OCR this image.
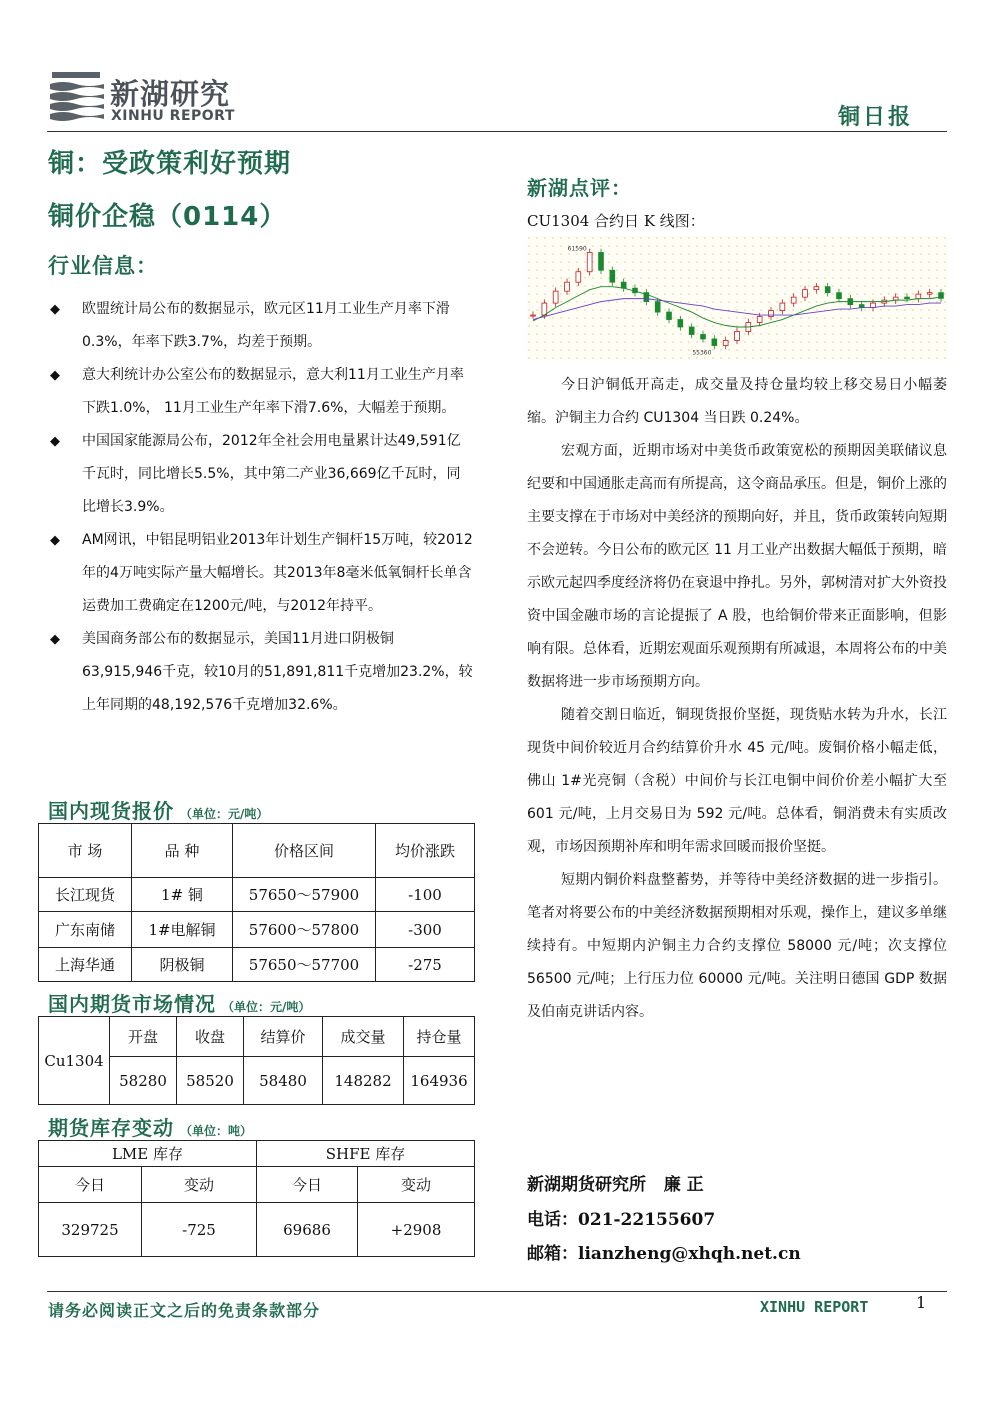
新湖研究
XINHU REPORT	铜日报
铜：受政策利好预期
铜价企稳（0114）
行业信息：
◆ 欧盟统计局公布的数据显示，欧元区11月工业生产月率下滑0.3%，年率下跌3.7%，均差于预期。
◆ 意大利统计办公室公布的数据显示，意大利11月工业生产月率下跌1.0%， 11月工业生产年率下滑7.6%，大幅差于预期。
◆ 中国国家能源局公布，2012年全社会用电量累计达49,591亿千瓦时，同比增长5.5%，其中第二产业36,669亿千瓦时，同比增长3.9%。
◆ AM网讯，中铝昆明铝业2013年计划生产铜杆15万吨，较2012年的4万吨实际产量大幅增长。其2013年8毫米低氧铜杆长单含运费加工费确定在1200元/吨，与2012年持平。
◆ 美国商务部公布的数据显示，美国11月进口阴极铜63,915,946千克，较10月的51,891,811千克增加23.2%，较上年同期的48,192,576千克增加32.6%。
国内现货报价 （单位：元/吨）
市 场	品 种	价格区间	均价涨跌
长江现货	1# 铜	57650～57900	-100
广东南储	1#电解铜	57600～57800	-300
上海华通	阴极铜	57650～57700	-275
国内期货市场情况 （单位：元/吨）
Cu1304	开盘	收盘	结算价	成交量	持仓量
	58280	58520	58480	148282	164936
期货库存变动 （单位：吨）
LME 库存		SHFE 库存	
今日	变动	今日	变动
329725	-725	69686	+2908
新湖点评：
CU1304 合约日 K 线图：
61590
55360

今日沪铜低开高走，成交量及持仓量均较上移交易日小幅萎缩。沪铜主力合约 CU1304 当日跌 0.24%。

宏观方面，近期市场对中美货币政策宽松的预期因美联储议息纪要和中国通胀走高而有所提高，这令商品承压。但是，铜价上涨的主要支撑在于市场对中美经济的预期向好，并且，货币政策转向短期不会逆转。今日公布的欧元区 11 月工业产出数据大幅低于预期，暗示欧元起四季度经济将仍在衰退中挣扎。另外，郭树清对扩大外资投资中国金融市场的言论提振了 A 股，也给铜价带来正面影响，但影响有限。总体看，近期宏观面乐观预期有所减退，本周将公布的中美数据将进一步市场预期方向。

随着交割日临近，铜现货报价坚挺，现货贴水转为升水，长江现货中间价较近月合约结算价升水 45 元/吨。废铜价格小幅走低，佛山 1#光亮铜（含税）中间价与长江电铜中间价价差小幅扩大至 601 元/吨，上月交易日为 592 元/吨。总体看，铜消费未有实质改观，市场因预期补库和明年需求回暖而报价坚挺。

短期内铜价料盘整蓄势，并等待中美经济数据的进一步指引。笔者对将要公布的中美经济数据预期相对乐观，操作上，建议多单继续持有。中短期内沪铜主力合约支撑位 58000 元/吨；次支撑位 56500 元/吨；上行压力位 60000 元/吨。关注明日德国 GDP 数据及伯南克讲话内容。

新湖期货研究所   廉 正
电话：021-22155607
邮箱：lianzheng@xhqh.net.cn
请务必阅读正文之后的免责条款部分	XINHU REPORT	1
